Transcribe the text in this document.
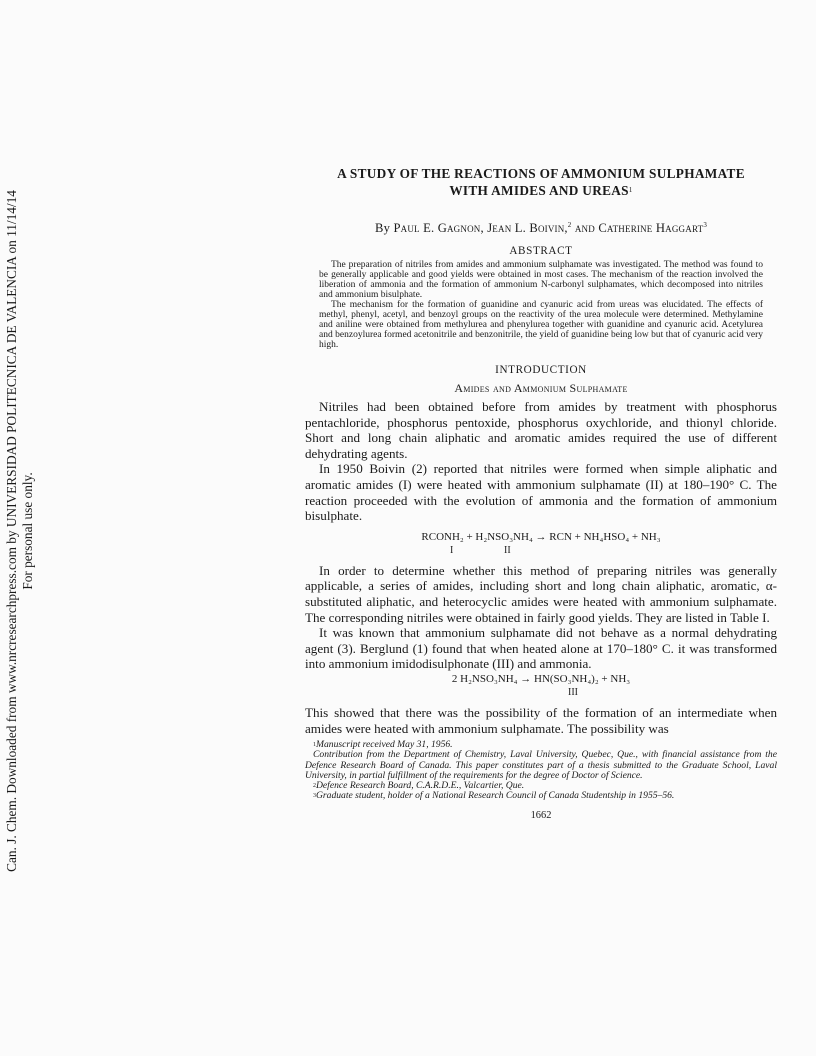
Can. J. Chem. Downloaded from www.nrcresearchpress.com by UNIVERSIDAD POLITECNICA DE VALENCIA on 11/14/14 For personal use only.
A STUDY OF THE REACTIONS OF AMMONIUM SULPHAMATE
WITH AMIDES AND UREAS$^1$
By Paul E. Gagnon, Jean L. Boivin,$^2$ and Catherine Haggart$^3$
ABSTRACT

The preparation of nitriles from amides and ammonium sulphamate was investigated. The method was found to be generally applicable and good yields were obtained in most cases. The mechanism of the reaction involved the liberation of ammonia and the formation of ammonium N-carbonyl sulphamates, which decomposed into nitriles and ammonium bisulphate.

The mechanism for the formation of guanidine and cyanuric acid from ureas was elucidated. The effects of methyl, phenyl, acetyl, and benzoyl groups on the reactivity of the urea molecule were determined. Methylamine and aniline were obtained from methylurea and phenylurea together with guanidine and cyanuric acid. Acetylurea and benzoylurea formed acetonitrile and benzonitrile, the yield of guanidine being low but that of cyanuric acid very high.

INTRODUCTION
Amides and Ammonium Sulphamate

Nitriles had been obtained before from amides by treatment with phosphorus pentachloride, phosphorus pentoxide, phosphorus oxychloride, and thionyl chloride. Short and long chain aliphatic and aromatic amides required the use of different dehydrating agents.

In 1950 Boivin (2) reported that nitriles were formed when simple aliphatic and aromatic amides (I) were heated with ammonium sulphamate (II) at 180–190° C. The reaction proceeded with the evolution of ammonia and the formation of ammonium bisulphate.

RCONH₂ + H₂NSO₃NH₄ → RCN + NH₄HSO₄ + NH₃
I	II

In order to determine whether this method of preparing nitriles was generally applicable, a series of amides, including short and long chain aliphatic, aromatic, α-substituted aliphatic, and heterocyclic amides were heated with ammonium sulphamate. The corresponding nitriles were obtained in fairly good yields. They are listed in Table I.

It was known that ammonium sulphamate did not behave as a normal dehydrating agent (3). Berglund (1) found that when heated alone at 170–180° C. it was transformed into ammonium imidodisulphonate (III) and ammonia.

2 H₂NSO₃NH₄ → HN(SO₃NH₄)₂ + NH₃
III

This showed that there was the possibility of the formation of an intermediate when amides were heated with ammonium sulphamate. The possibility was

$^1$Manuscript received May 31, 1956.

Contribution from the Department of Chemistry, Laval University, Quebec, Que., with financial assistance from the Defence Research Board of Canada. This paper constitutes part of a thesis submitted to the Graduate School, Laval University, in partial fulfillment of the requirements for the degree of Doctor of Science.

$^2$Defence Research Board, C.A.R.D.E., Valcartier, Que.

$^3$Graduate student, holder of a National Research Council of Canada Studentship in 1955–56.

1662
